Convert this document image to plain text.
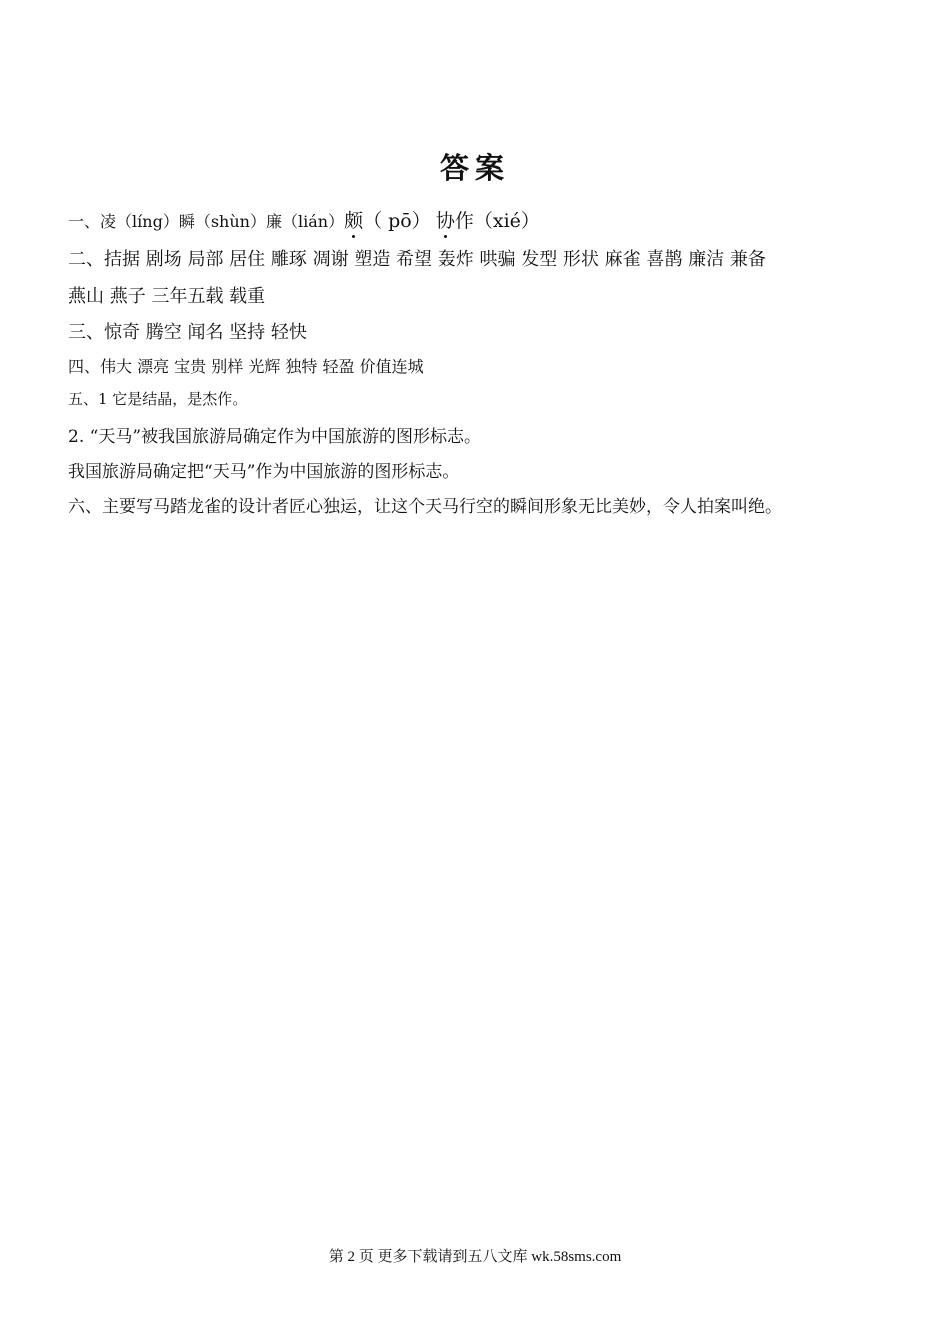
答案
一、凌（líng）瞬（shùn）廉（lián）颇（ pō） 协作（xié）
二、拮据 剧场 局部 居住 雕琢 凋谢 塑造 希望 轰炸 哄骗 发型 形状 麻雀 喜鹊 廉洁 兼备
燕山 燕子 三年五载 载重
三、惊奇 腾空 闻名 坚持 轻快
四、伟大 漂亮 宝贵 别样 光辉 独特 轻盈 价值连城
五、1 它是结晶，是杰作。
2. “天马”被我国旅游局确定作为中国旅游的图形标志。
我国旅游局确定把“天马”作为中国旅游的图形标志。
六、主要写马踏龙雀的设计者匠心独运，让这个天马行空的瞬间形象无比美妙，令人拍案叫绝。
第 2 页 更多下载请到五八文库 wk.58sms.com
